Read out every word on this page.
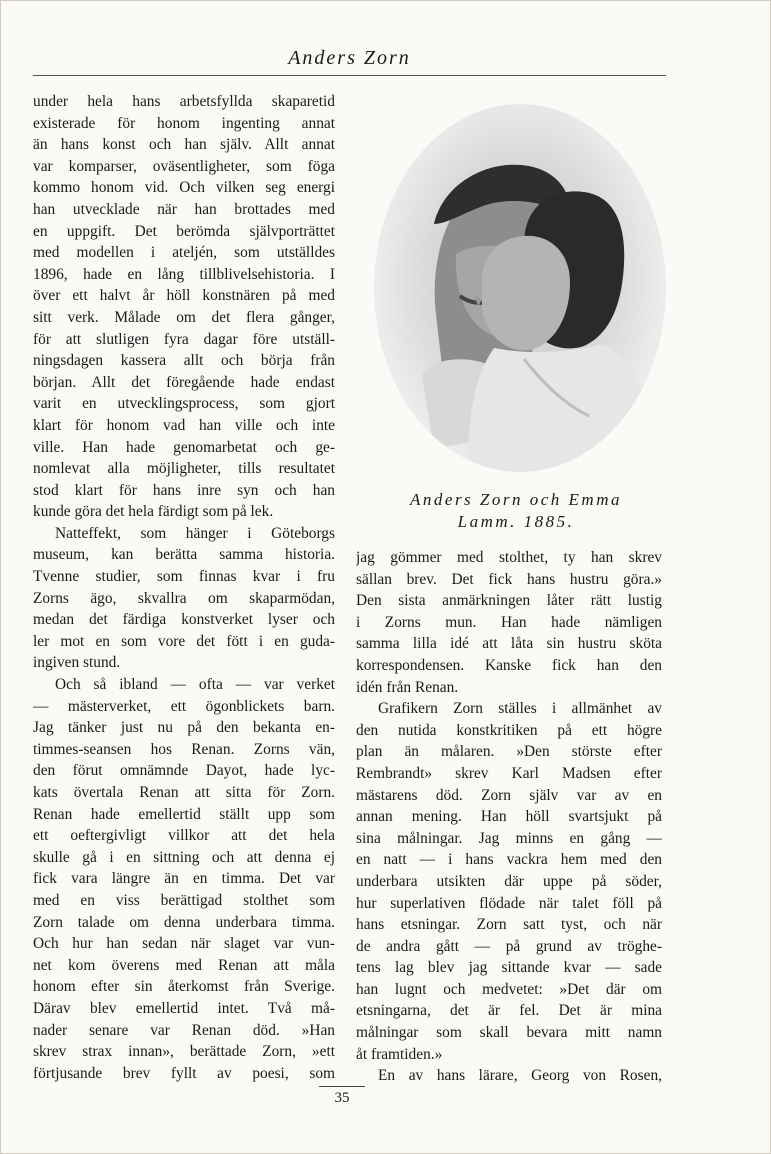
Anders Zorn
under hela hans arbetsfyllda skaparetid
existerade för honom ingenting annat
än hans konst och han själv. Allt annat
var komparser, oväsentligheter, som föga
kommo honom vid. Och vilken seg energi
han utvecklade när han brottades med
en uppgift. Det berömda självporträttet
med modellen i ateljén, som utställdes
1896, hade en lång tillblivelsehistoria. I
över ett halvt år höll konstnären på med
sitt verk. Målade om det flera gånger,
för att slutligen fyra dagar före utställ-
ningsdagen kassera allt och börja från
början. Allt det föregående hade endast
varit en utvecklingsprocess, som gjort
klart för honom vad han ville och inte
ville. Han hade genomarbetat och ge-
nomlevat alla möjligheter, tills resultatet
stod klart för hans inre syn och han
kunde göra det hela färdigt som på lek.
Natteffekt, som hänger i Göteborgs
museum, kan berätta samma historia.
Tvenne studier, som finnas kvar i fru
Zorns ägo, skvallra om skaparmödan,
medan det färdiga konstverket lyser och
ler mot en som vore det fött i en guda-
ingiven stund.
Och så ibland — ofta — var verket
— mästerverket, ett ögonblickets barn.
Jag tänker just nu på den bekanta en-
timmes-seansen hos Renan. Zorns vän,
den förut omnämnde Dayot, hade lyc-
kats övertala Renan att sitta för Zorn.
Renan hade emellertid ställt upp som
ett oeftergivligt villkor att det hela
skulle gå i en sittning och att denna ej
fick vara längre än en timma. Det var
med en viss berättigad stolthet som
Zorn talade om denna underbara timma.
Och hur han sedan när slaget var vun-
net kom överens med Renan att måla
honom efter sin återkomst från Sverige.
Därav blev emellertid intet. Två må-
nader senare var Renan död. »Han
skrev strax innan», berättade Zorn, »ett
förtjusande brev fyllt av poesi, som
Anders Zorn och Emma
Lamm. 1885.
jag gömmer med stolthet, ty han skrev
sällan brev. Det fick hans hustru göra.»
Den sista anmärkningen låter rätt lustig
i Zorns mun. Han hade nämligen
samma lilla idé att låta sin hustru sköta
korrespondensen. Kanske fick han den
idén från Renan.
Grafikern Zorn ställes i allmänhet av
den nutida konstkritiken på ett högre
plan än målaren. »Den störste efter
Rembrandt» skrev Karl Madsen efter
mästarens död. Zorn själv var av en
annan mening. Han höll svartsjukt på
sina målningar. Jag minns en gång —
en natt — i hans vackra hem med den
underbara utsikten där uppe på söder,
hur superlativen flödade när talet föll på
hans etsningar. Zorn satt tyst, och när
de andra gått — på grund av tröghe-
tens lag blev jag sittande kvar — sade
han lugnt och medvetet: »Det där om
etsningarna, det är fel. Det är mina
målningar som skall bevara mitt namn
åt framtiden.»
En av hans lärare, Georg von Rosen,
35
